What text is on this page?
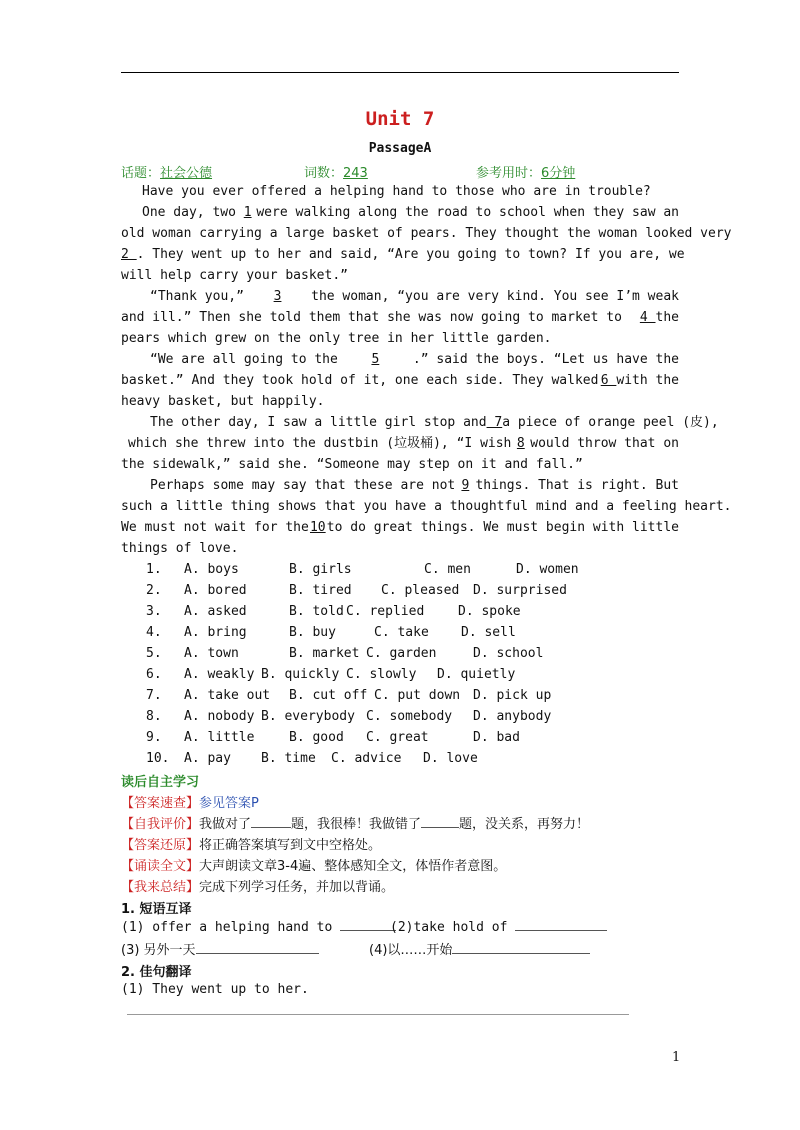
Unit 7
PassageA
话题：社会公德	词数：243	参考用时：6分钟
Have you ever offered a helping hand to those who are in trouble?
One day, two 1 were walking along the road to school when they saw an
old woman carrying a large basket of pears. They thought the woman looked very
2 . They went up to her and said, “Are you going to town? If you are, we
will help carry your basket.”
“Thank you,” 3 the woman, “you are very kind. You see I’m weak
and ill.” Then she told them that she was now going to market to 4 the
pears which grew on the only tree in her little garden.
“We are all going to the	5	.” said the boys. “Let us have the
basket.” And they took hold of it, one each side. They walked 6 with the
heavy basket, but happily.
The other day, I saw a little girl stop and 7 a piece of orange peel (皮),
which she threw into the dustbin (垃圾桶), “I wish 8 would throw that on
the sidewalk,” said she. “Someone may step on it and fall.”
Perhaps some may say that these are not 9 things. That is right. But
such a little thing shows that you have a thoughtful mind and a feeling heart.
We must not wait for the 10 to do great things. We must begin with little
things of love.
1. A. boys	B. girls	C. men	D. women
2. A. bored	B. tired C. pleased D. surprised
3. A. asked	B. told C. replied	D. spoke
4. A. bring	B. buy	C. take D. sell
5. A. town	B. market C. garden	D. school
6. A. weakly B. quickly C. slowly D. quietly
7. A. take out B. cut off C. put down D. pick up
8. A. nobody B. everybody C. somebody D. anybody
9. A. little	B. good C. great	D. bad
10. A. pay B. time C. advice D. love
读后自主学习
【答案速查】参见答案P
【自我评价】我做对了	题，我很棒！我做错了	题，没关系，再努力！
【答案还原】将正确答案填写到文中空格处。
【诵读全文】大声朗读文章3-4遍、整体感知全文，体悟作者意图。
【我来总结】完成下列学习任务，并加以背诵。
1. 短语互译
(1) offer a helping hand to	(2)take hold of
(3) 另外一天	(4)以……开始
2. 佳句翻译
(1) They went up to her.
1
